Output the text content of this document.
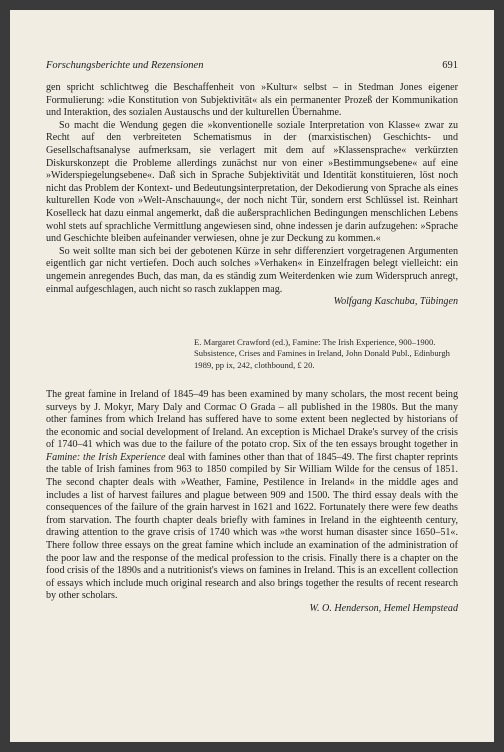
Forschungsberichte und Rezensionen	691

gen spricht schlichtweg die Beschaffenheit von »Kultur« selbst – in Stedman Jones eigener Formulierung: »die Konstitution von Subjektivität« als ein permanenter Prozeß der Kommunikation und Interaktion, des sozialen Austauschs und der kulturellen Übernahme.

So macht die Wendung gegen die »konventionelle soziale Interpretation von Klasse« zwar zu Recht auf den verbreiteten Schematismus in der (marxistischen) Geschichts- und Gesellschaftsanalyse aufmerksam, sie verlagert mit dem auf »Klassensprache« verkürzten Diskurskonzept die Probleme allerdings zunächst nur von einer »Bestimmungsebene« auf eine »Widerspiegelungsebene«. Daß sich in Sprache Subjektivität und Identität konstituieren, löst noch nicht das Problem der Kontext- und Bedeutungsinterpretation, der Dekodierung von Sprache als eines kulturellen Kode von »Welt-Anschauung«, der noch nicht Tür, sondern erst Schlüssel ist. Reinhart Koselleck hat dazu einmal angemerkt, daß die außersprachlichen Bedingungen menschlichen Lebens wohl stets auf sprachliche Vermittlung angewiesen sind, ohne indessen je darin aufzugehen: »Sprache und Geschichte bleiben aufeinander verwiesen, ohne je zur Deckung zu kommen.«

So weit sollte man sich bei der gebotenen Kürze in sehr differenziert vorgetragenen Argumenten eigentlich gar nicht vertiefen. Doch auch solches »Verhaken« in Einzelfragen belegt vielleicht: ein ungemein anregendes Buch, das man, da es ständig zum Weiterdenken wie zum Widerspruch anregt, einmal aufgeschlagen, auch nicht so rasch zuklappen mag.

Wolfgang Kaschuba, Tübingen
E. Margaret Crawford (ed.), Famine: The Irish Experience, 900–1900. Subsistence, Crises and Famines in Ireland, John Donald Publ., Edinburgh 1989, pp ix, 242, clothbound, £ 20.

The great famine in Ireland of 1845–49 has been examined by many scholars, the most recent being surveys by J. Mokyr, Mary Daly and Cormac O Grada – all published in the 1980s. But the many other famines from which Ireland has suffered have to some extent been neglected by historians of the economic and social development of Ireland. An exception is Michael Drake's survey of the crisis of 1740–41 which was due to the failure of the potato crop. Six of the ten essays brought together in Famine: the Irish Experience deal with famines other than that of 1845–49. The first chapter reprints the table of Irish famines from 963 to 1850 compiled by Sir William Wilde for the census of 1851. The second chapter deals with »Weather, Famine, Pestilence in Ireland« in the middle ages and includes a list of harvest failures and plague between 909 and 1500. The third essay deals with the consequences of the failure of the grain harvest in 1621 and 1622. Fortunately there were few deaths from starvation. The fourth chapter deals briefly with famines in Ireland in the eighteenth century, drawing attention to the grave crisis of 1740 which was »the worst human disaster since 1650–51«. There follow three essays on the great famine which include an examination of the administration of the poor law and the response of the medical profession to the crisis. Finally there is a chapter on the food crisis of the 1890s and a nutritionist's views on famines in Ireland. This is an excellent collection of essays which include much original research and also brings together the results of recent research by other scholars.

W. O. Henderson, Hemel Hempstead
